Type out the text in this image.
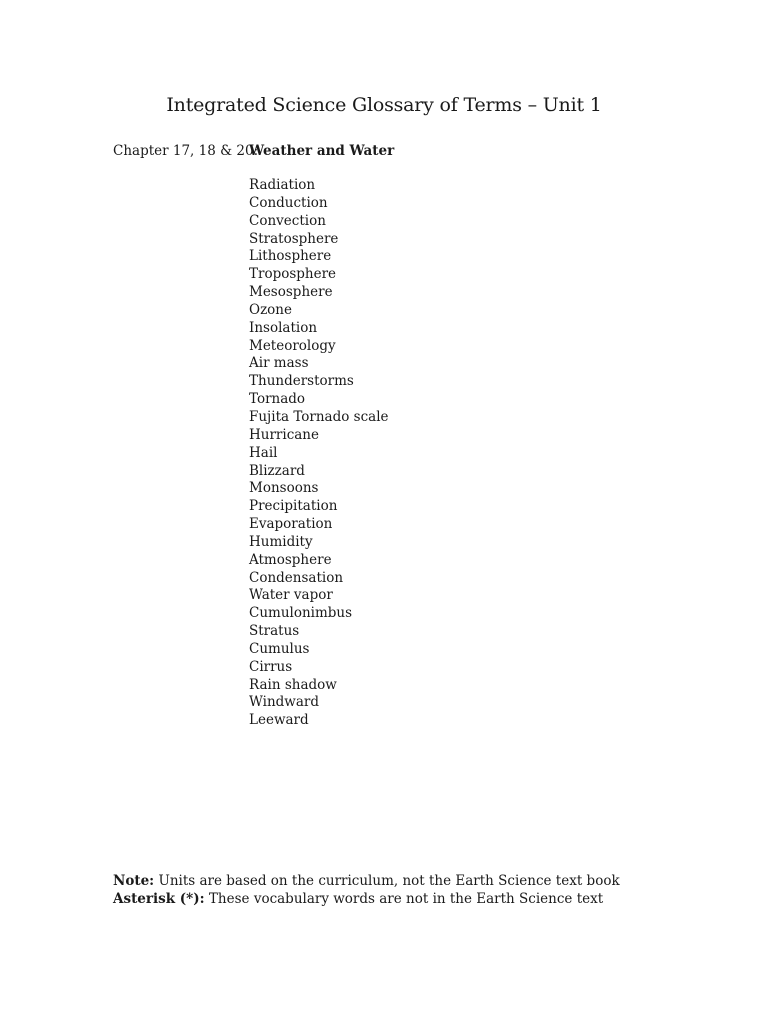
Integrated Science Glossary of Terms – Unit 1
Chapter 17, 18 & 20:Weather and Water
Radiation
Conduction
Convection
Stratosphere
Lithosphere
Troposphere
Mesosphere
Ozone
Insolation
Meteorology
Air mass
Thunderstorms
Tornado
Fujita Tornado scale
Hurricane
Hail
Blizzard
Monsoons
Precipitation
Evaporation
Humidity
Atmosphere
Condensation
Water vapor
Cumulonimbus
Stratus
Cumulus
Cirrus
Rain shadow
Windward
Leeward
Note: Units are based on the curriculum, not the Earth Science text book
Asterisk (*): These vocabulary words are not in the Earth Science text
